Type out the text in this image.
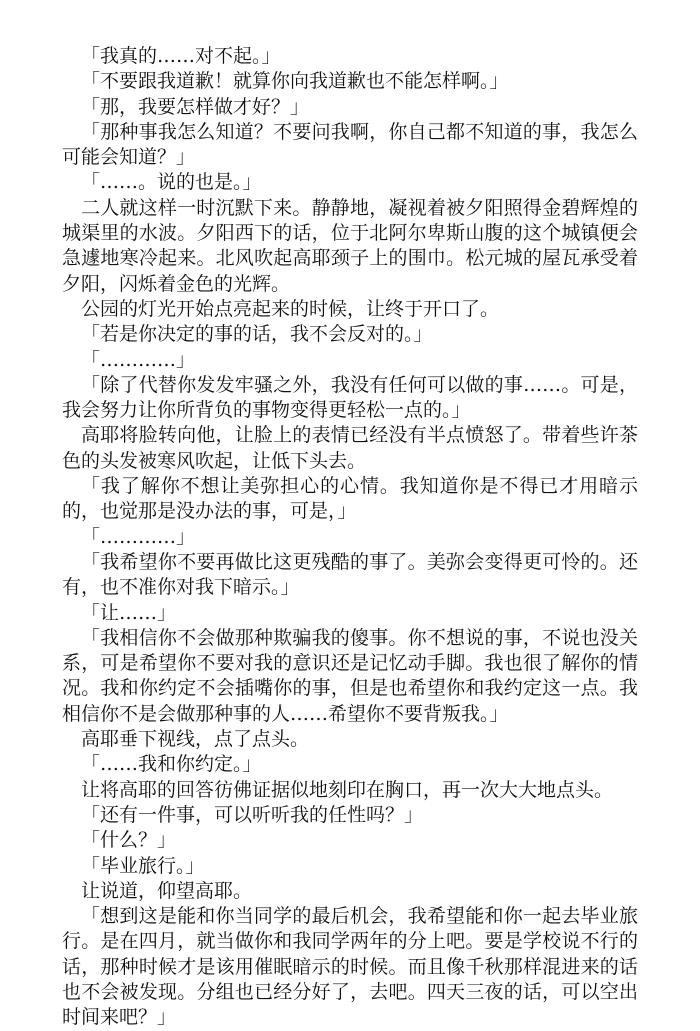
「我真的……对不起。」

「不要跟我道歉！就算你向我道歉也不能怎样啊。」

「那，我要怎样做才好？」

「那种事我怎么知道？不要问我啊，你自己都不知道的事，我怎么可能会知道？」

「……。说的也是。」

二人就这样一时沉默下来。静静地，凝视着被夕阳照得金碧辉煌的城渠里的水波。夕阳西下的话，位于北阿尔卑斯山腹的这个城镇便会急遽地寒冷起来。北风吹起高耶颈子上的围巾。松元城的屋瓦承受着夕阳，闪烁着金色的光辉。

公园的灯光开始点亮起来的时候，让终于开口了。

「若是你决定的事的话，我不会反对的。」

「…………」

「除了代替你发发牢骚之外，我没有任何可以做的事……。可是，我会努力让你所背负的事物变得更轻松一点的。」

高耶将脸转向他，让脸上的表情已经没有半点愤怒了。带着些许茶色的头发被寒风吹起，让低下头去。

「我了解你不想让美弥担心的心情。我知道你是不得已才用暗示的，也觉那是没办法的事，可是，」

「…………」

「我希望你不要再做比这更残酷的事了。美弥会变得更可怜的。还有，也不准你对我下暗示。」

「让……」

「我相信你不会做那种欺骗我的傻事。你不想说的事，不说也没关系，可是希望你不要对我的意识还是记忆动手脚。我也很了解你的情况。我和你约定不会插嘴你的事，但是也希望你和我约定这一点。我相信你不是会做那种事的人……希望你不要背叛我。」

高耶垂下视线，点了点头。

「……我和你约定。」

让将高耶的回答彷佛证据似地刻印在胸口，再一次大大地点头。

「还有一件事，可以听听我的任性吗？」

「什么？」

「毕业旅行。」

让说道，仰望高耶。

「想到这是能和你当同学的最后机会，我希望能和你一起去毕业旅行。是在四月，就当做你和我同学两年的分上吧。要是学校说不行的话，那种时候才是该用催眠暗示的时候。而且像千秋那样混进来的话也不会被发现。分组也已经分好了，去吧。四天三夜的话，可以空出时间来吧？」
